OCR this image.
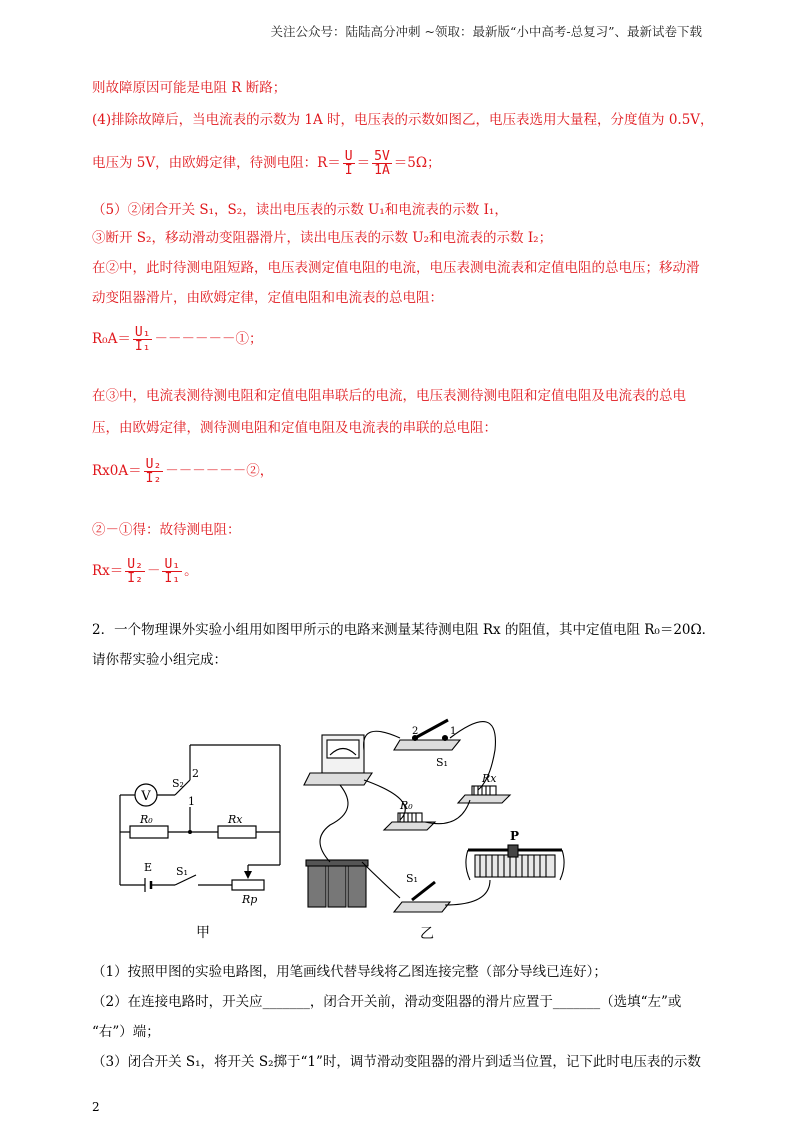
关注公众号：陆陆高分冲刺 ~领取：最新版“小中高考-总复习”、最新试卷下载
则故障原因可能是电阻 R 断路；
(4)排除故障后，当电流表的示数为 1A 时，电压表的示数如图乙，电压表选用大量程，分度值为 0.5V，
电压为 5V，由欧姆定律，待测电阻：$R= \frac{U}{I} = \frac{5V}{1A} =5\Omega$；
（5）②闭合开关 S₁，S₂，读出电压表的示数 U₁和电流表的示数 I₁，
③断开 S₂，移动滑动变阻器滑片，读出电压表的示数 U₂和电流表的示数 I₂；
在②中，此时待测电阻短路，电压表测定值电阻的电流，电压表测电流表和定值电阻的总电压；移动滑
动变阻器滑片，由欧姆定律，定值电阻和电流表的总电阻：
$R_0A= \frac{\text{U₁}}{\text{I₁}}$ －－－－－－①；
在③中，电流表测待测电阻和定值电阻串联后的电流，电压表测待测电阻和定值电阻及电流表的总电
压，由欧姆定律，测待测电阻和定值电阻及电流表的串联的总电阻：
$Rx0A= \frac{\text{U₂}}{\text{I₂}}$ －－－－－－②，
②－①得：故待测电阻：
$Rx= \frac{\text{U₂}}{\text{I₂}} - \frac{\text{U₁}}{\text{I₁}}$ 。
2．一个物理课外实验小组用如图甲所示的电路来测量某待测电阻 Rx 的阻值，其中定值电阻 R₀＝20Ω．
请你帮实验小组完成：
V
S₂
2
1
R₀	Rx
E S₁
Rp
甲
2	1
S₁
Rx
R₀
P
S₁
乙
（1）按照甲图的实验电路图，用笔画线代替导线将乙图连接完整（部分导线已连好）；
（2）在连接电路时，开关应_______，闭合开关前，滑动变阻器的滑片应置于_______（选填“左”或
“右”）端；
（3）闭合开关 S₁，将开关 S₂掷于“1”时，调节滑动变阻器的滑片到适当位置，记下此时电压表的示数
2
